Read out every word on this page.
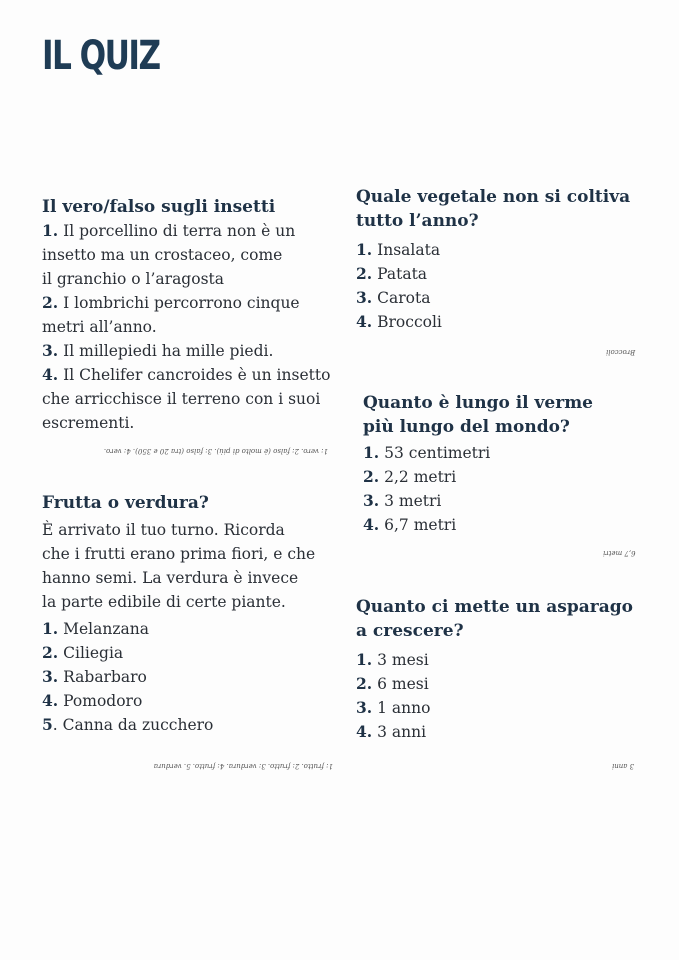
IL QUIZ
Il vero/falso sugli insetti

1. Il porcellino di terra non è un
insetto ma un crostaceo, come
il granchio o l’aragosta

2. I lombrichi percorrono cinque
metri all’anno.

3. Il millepiedi ha mille piedi.

4. Il Chelifer cancroides è un insetto
che arricchisce il terreno con i suoi
escrementi.

1: vero. 2: falso (è molto di più). 3: falso (tra 20 e 350). 4: vero.
Frutta o verdura?

È arrivato il tuo turno. Ricorda
che i frutti erano prima fiori, e che
hanno semi. La verdura è invece
la parte edibile di certe piante.

1. Melanzana
2. Ciliegia
3. Rabarbaro
4. Pomodoro
5. Canna da zucchero
1: frutto. 2: frutto. 3: verdura. 4: frutto. 5. verdura
Quale vegetale non si coltiva
tutto l’anno?
1. Insalata
2. Patata
3. Carota
4. Broccoli
Broccoli
Quanto è lungo il verme
più lungo del mondo?
1. 53 centimetri
2. 2,2 metri
3. 3 metri
4. 6,7 metri
6,7 metri
Quanto ci mette un asparago
a crescere?
1. 3 mesi
2. 6 mesi
3. 1 anno
4. 3 anni
3 anni
